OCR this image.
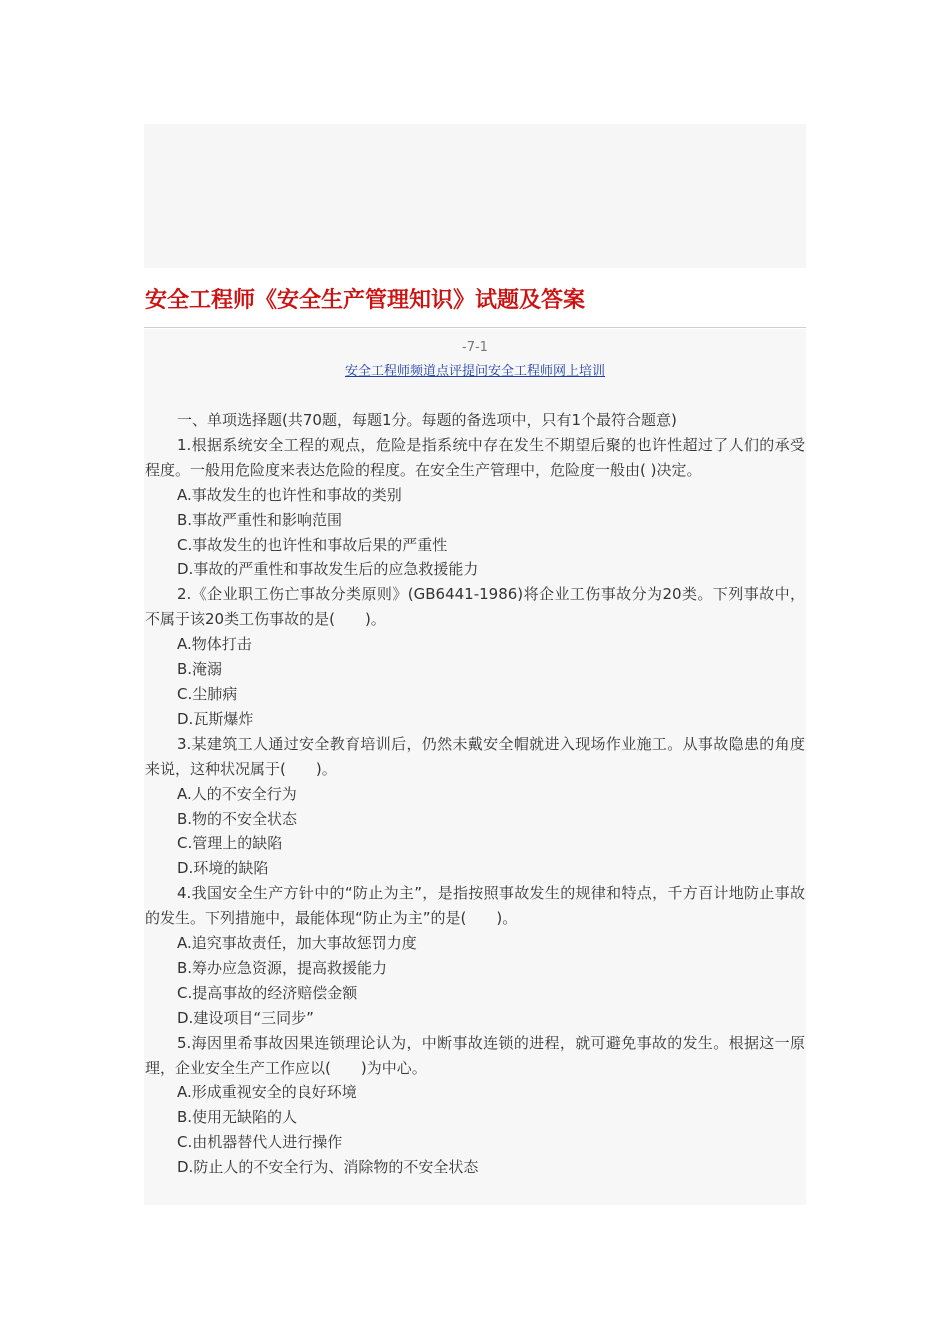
安全工程师《安全生产管理知识》试题及答案
-7-1
安全工程师频道点评提问安全工程师网上培训

一、单项选择题(共70题，每题1分。每题的备选项中，只有1个最符合题意)

1.根据系统安全工程的观点，危险是指系统中存在发生不期望后聚的也许性超过了人们的承受程度。一般用危险度来表达危险的程度。在安全生产管理中，危险度一般由( )决定。

A.事故发生的也许性和事故的类别

B.事故严重性和影响范围

C.事故发生的也许性和事故后果的严重性

D.事故的严重性和事故发生后的应急救援能力

2.《企业职工伤亡事故分类原则》(GB6441-1986)将企业工伤事故分为20类。下列事故中，不属于该20类工伤事故的是(　　)。

A.物体打击

B.淹溺

C.尘肺病

D.瓦斯爆炸

3.某建筑工人通过安全教育培训后，仍然未戴安全帽就进入现场作业施工。从事故隐患的角度来说，这种状况属于(　　)。

A.人的不安全行为

B.物的不安全状态

C.管理上的缺陷

D.环境的缺陷

4.我国安全生产方针中的“防止为主”，是指按照事故发生的规律和特点，千方百计地防止事故的发生。下列措施中，最能体现“防止为主”的是(　　)。

A.追究事故责任，加大事故惩罚力度

B.筹办应急资源，提高救援能力

C.提高事故的经济赔偿金额

D.建设项目“三同步”

5.海因里希事故因果连锁理论认为，中断事故连锁的进程，就可避免事故的发生。根据这一原理，企业安全生产工作应以(　　)为中心。

A.形成重视安全的良好环境

B.使用无缺陷的人

C.由机器替代人进行操作

D.防止人的不安全行为、消除物的不安全状态
